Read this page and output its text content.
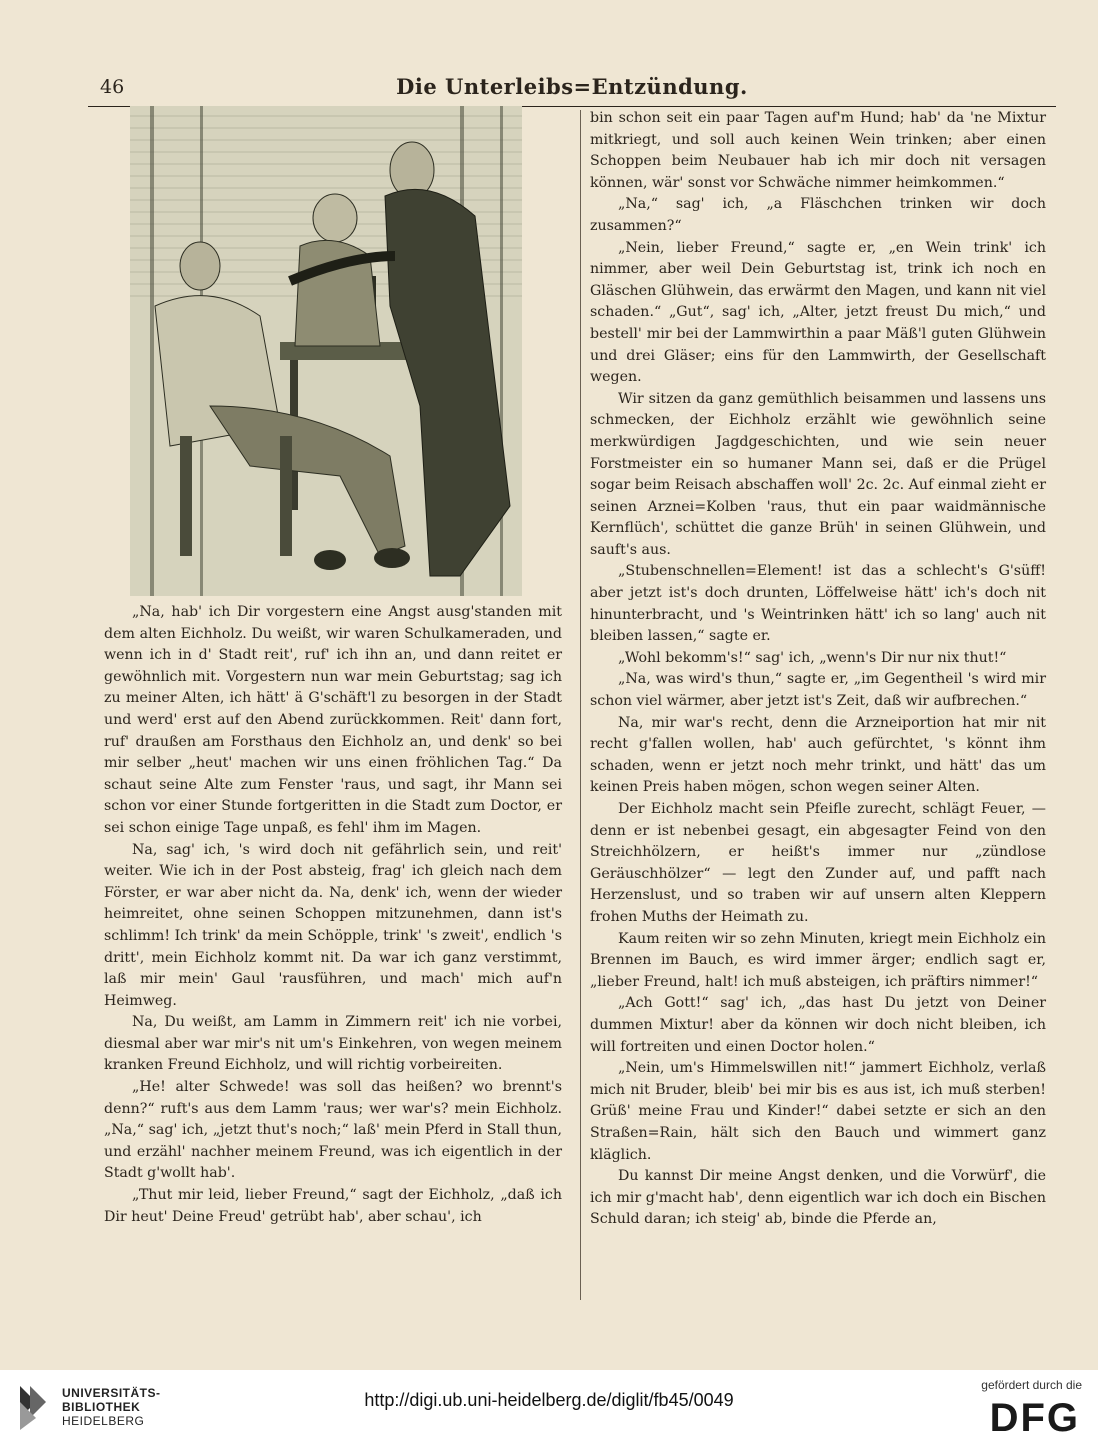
46	Die Unterleibs=Entzündung.

„Na, hab' ich Dir vorgestern eine Angst ausg'standen mit dem alten Eichholz. Du weißt, wir waren Schulkameraden, und wenn ich in d' Stadt reit', ruf' ich ihn an, und dann reitet er gewöhnlich mit. Vorgestern nun war mein Geburtstag; sag ich zu meiner Alten, ich hätt' ä G'schäft'l zu besorgen in der Stadt und werd' erst auf den Abend zurückkommen. Reit' dann fort, ruf' draußen am Forsthaus den Eichholz an, und denk' so bei mir selber „heut' machen wir uns einen fröhlichen Tag.“ Da schaut seine Alte zum Fenster 'raus, und sagt, ihr Mann sei schon vor einer Stunde fortgeritten in die Stadt zum Doctor, er sei schon einige Tage unpaß, es fehl' ihm im Magen.

Na, sag' ich, 's wird doch nit gefährlich sein, und reit' weiter. Wie ich in der Post absteig, frag' ich gleich nach dem Förster, er war aber nicht da. Na, denk' ich, wenn der wieder heimreitet, ohne seinen Schoppen mitzunehmen, dann ist's schlimm! Ich trink' da mein Schöpple, trink' 's zweit', endlich 's dritt', mein Eichholz kommt nit. Da war ich ganz verstimmt, laß mir mein' Gaul 'rausführen, und mach' mich auf'n Heimweg.

Na, Du weißt, am Lamm in Zimmern reit' ich nie vorbei, diesmal aber war mir's nit um's Einkehren, von wegen meinem kranken Freund Eichholz, und will richtig vorbeireiten.

„He! alter Schwede! was soll das heißen? wo brennt's denn?“ ruft's aus dem Lamm 'raus; wer war's? mein Eichholz. „Na,“ sag' ich, „jetzt thut's noch;“ laß' mein Pferd in Stall thun, und erzähl' nachher meinem Freund, was ich eigentlich in der Stadt g'wollt hab'.

„Thut mir leid, lieber Freund,“ sagt der Eichholz, „daß ich Dir heut' Deine Freud' getrübt hab', aber schau', ich

bin schon seit ein paar Tagen auf'm Hund; hab' da 'ne Mixtur mitkriegt, und soll auch keinen Wein trinken; aber einen Schoppen beim Neubauer hab ich mir doch nit versagen können, wär' sonst vor Schwäche nimmer heimkommen.“

„Na,“ sag' ich, „a Fläschchen trinken wir doch zusammen?“

„Nein, lieber Freund,“ sagte er, „en Wein trink' ich nimmer, aber weil Dein Geburtstag ist, trink ich noch en Gläschen Glühwein, das erwärmt den Magen, und kann nit viel schaden.“ „Gut“, sag' ich, „Alter, jetzt freust Du mich,“ und bestell' mir bei der Lammwirthin a paar Mäß'l guten Glühwein und drei Gläser; eins für den Lammwirth, der Gesellschaft wegen.

Wir sitzen da ganz gemüthlich beisammen und lassens uns schmecken, der Eichholz erzählt wie gewöhnlich seine merkwürdigen Jagdgeschichten, und wie sein neuer Forstmeister ein so humaner Mann sei, daß er die Prügel sogar beim Reisach abschaffen woll' 2c. 2c. Auf einmal zieht er seinen Arznei=Kolben 'raus, thut ein paar waidmännische Kernflüch', schüttet die ganze Brüh' in seinen Glühwein, und sauft's aus.

„Stubenschnellen=Element! ist das a schlecht's G'süff! aber jetzt ist's doch drunten, Löffelweise hätt' ich's doch nit hinunterbracht, und 's Weintrinken hätt' ich so lang' auch nit bleiben lassen,“ sagte er.

„Wohl bekomm's!“ sag' ich, „wenn's Dir nur nix thut!“

„Na, was wird's thun,“ sagte er, „im Gegentheil 's wird mir schon viel wärmer, aber jetzt ist's Zeit, daß wir aufbrechen.“

Na, mir war's recht, denn die Arzneiportion hat mir nit recht g'fallen wollen, hab' auch gefürchtet, 's könnt ihm schaden, wenn er jetzt noch mehr trinkt, und hätt' das um keinen Preis haben mögen, schon wegen seiner Alten.

Der Eichholz macht sein Pfeifle zurecht, schlägt Feuer, — denn er ist nebenbei gesagt, ein abgesagter Feind von den Streichhölzern, er heißt's immer nur „zündlose Geräuschhölzer“ — legt den Zunder auf, und pafft nach Herzenslust, und so traben wir auf unsern alten Kleppern frohen Muths der Heimath zu.

Kaum reiten wir so zehn Minuten, kriegt mein Eichholz ein Brennen im Bauch, es wird immer ärger; endlich sagt er, „lieber Freund, halt! ich muß absteigen, ich präftirs nimmer!“

„Ach Gott!“ sag' ich, „das hast Du jetzt von Deiner dummen Mixtur! aber da können wir doch nicht bleiben, ich will fortreiten und einen Doctor holen.“

„Nein, um's Himmelswillen nit!“ jammert Eichholz, verlaß mich nit Bruder, bleib' bei mir bis es aus ist, ich muß sterben! Grüß' meine Frau und Kinder!“ dabei setzte er sich an den Straßen=Rain, hält sich den Bauch und wimmert ganz kläglich.

Du kannst Dir meine Angst denken, und die Vorwürf', die ich mir g'macht hab', denn eigentlich war ich doch ein Bischen Schuld daran; ich steig' ab, binde die Pferde an,

UNIVERSITÄTS-
BIBLIOTHEK
HEIDELBERG
http://digi.ub.uni-heidelberg.de/diglit/fb45/0049
gefördert durch die
DFG
